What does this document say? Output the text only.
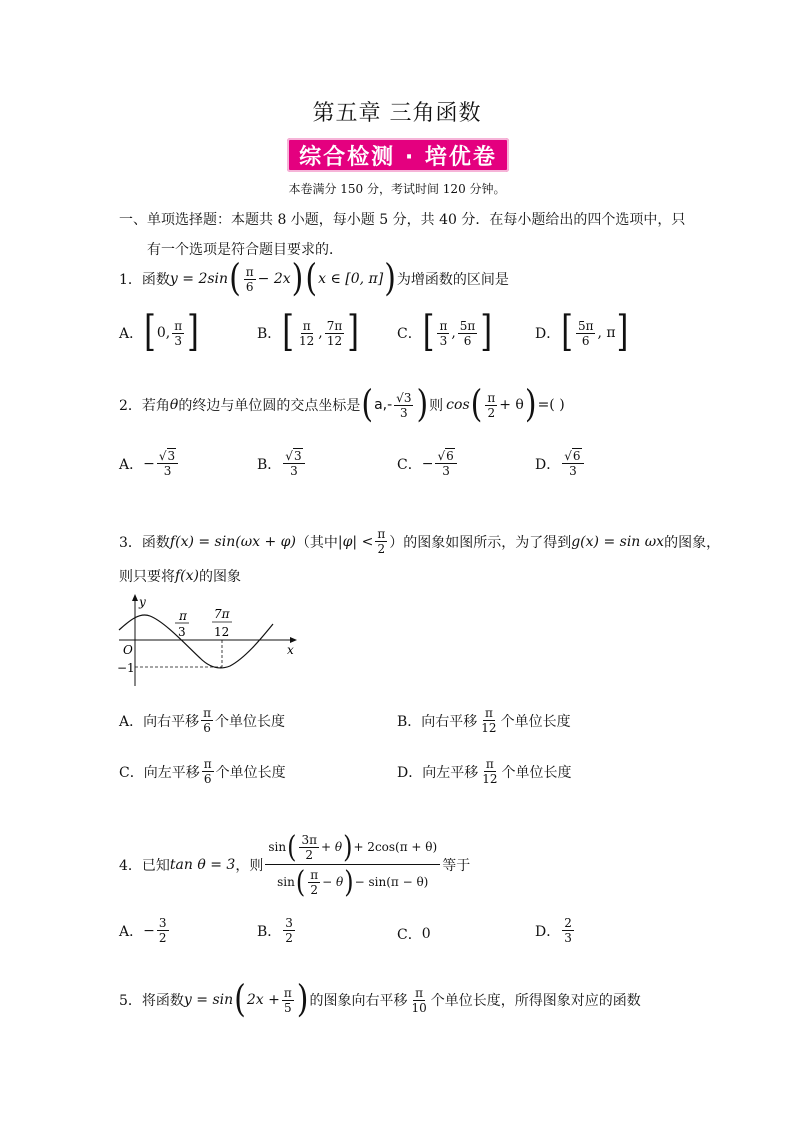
第五章 三角函数
综合检测 · 培优卷
本卷满分 150 分，考试时间 120 分钟。
一、单项选择题：本题共 8 小题，每小题 5 分，共 40 分．在每小题给出的四个选项中，只
有一个选项是符合题目要求的．
1．函数 y = 2sin ( $\frac{\pi}{6} - 2x$ ) ( x ∈ [0, π] ) 为增函数的区间是
A． [ 0, $\frac{\pi}{3}$ ]	B． [ $\frac{\pi}{12}$ , $\frac{7\pi}{12}$ ]	C． [ $\frac{\pi}{3}$ , $\frac{5\pi}{6}$ ]	D． [ $\frac{5\pi}{6}$ , π ]
2．若角 θ 的终边与单位圆的交点坐标是 ( $a,- \frac{√3}{3}$ ) 则 cos ( $\frac{\pi}{2} + \theta$ ) =( )
A． − $\frac{√3}{3}$	B． $\frac{√3}{3}$	C． − $\frac{√6}{3}$	D． $\frac{√6}{3}$
3．函数 f(x) = sin(ωx + φ) （其中 $|\varphi| < \frac{\pi}{2}$ ）的图象如图所示，为了得到 g(x) = sin ωx 的图象，
则只要将 f(x) 的图象
y
x
O
−1
π
3
7π
12
A． 向右平移 $\frac{\pi}{6}$ 个单位长度	B． 向右平移 $\frac{\pi}{12}$ 个单位长度
C． 向左平移 $\frac{\pi}{6}$ 个单位长度	D． 向左平移 $\frac{\pi}{12}$ 个单位长度
4．已知 tan θ = 3 ，则
sin ( $\frac{3\pi}{2} + \theta$ ) + 2cos(π + θ)
sin ( $\frac{\pi}{2} - \theta$ ) − sin(π − θ)
等于
A． − $\frac{3}{2}$	B． $\frac{3}{2}$	C． 0	D． $\frac{2}{3}$
5．将函数 y = sin ( $2x + \frac{\pi}{5}$ ) 的图象向右平移 $\frac{\pi}{10}$ 个单位长度，所得图象对应的函数
